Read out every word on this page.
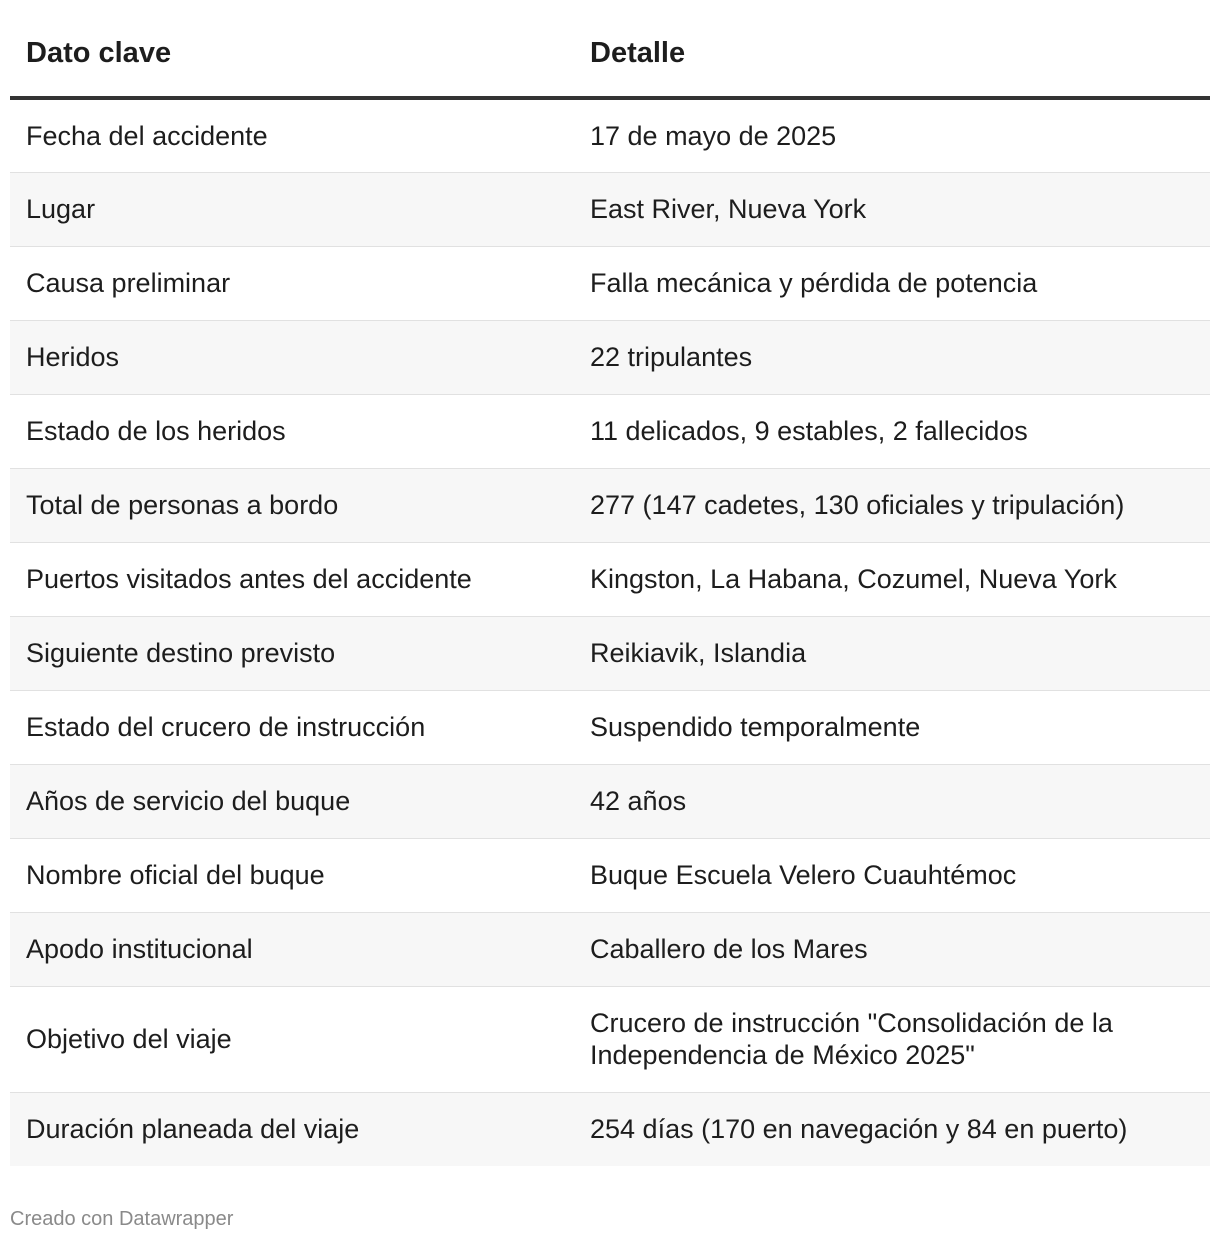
Dato clave	Detalle
Fecha del accidente	17 de mayo de 2025
Lugar	East River, Nueva York
Causa preliminar	Falla mecánica y pérdida de potencia
Heridos	22 tripulantes
Estado de los heridos	11 delicados, 9 estables, 2 fallecidos
Total de personas a bordo	277 (147 cadetes, 130 oficiales y tripulación)
Puertos visitados antes del accidente	Kingston, La Habana, Cozumel, Nueva York
Siguiente destino previsto	Reikiavik, Islandia
Estado del crucero de instrucción	Suspendido temporalmente
Años de servicio del buque	42 años
Nombre oficial del buque	Buque Escuela Velero Cuauhtémoc
Apodo institucional	Caballero de los Mares
Objetivo del viaje	Crucero de instrucción "Consolidación de la Independencia de México 2025"
Duración planeada del viaje	254 días (170 en navegación y 84 en puerto)
Creado con Datawrapper
